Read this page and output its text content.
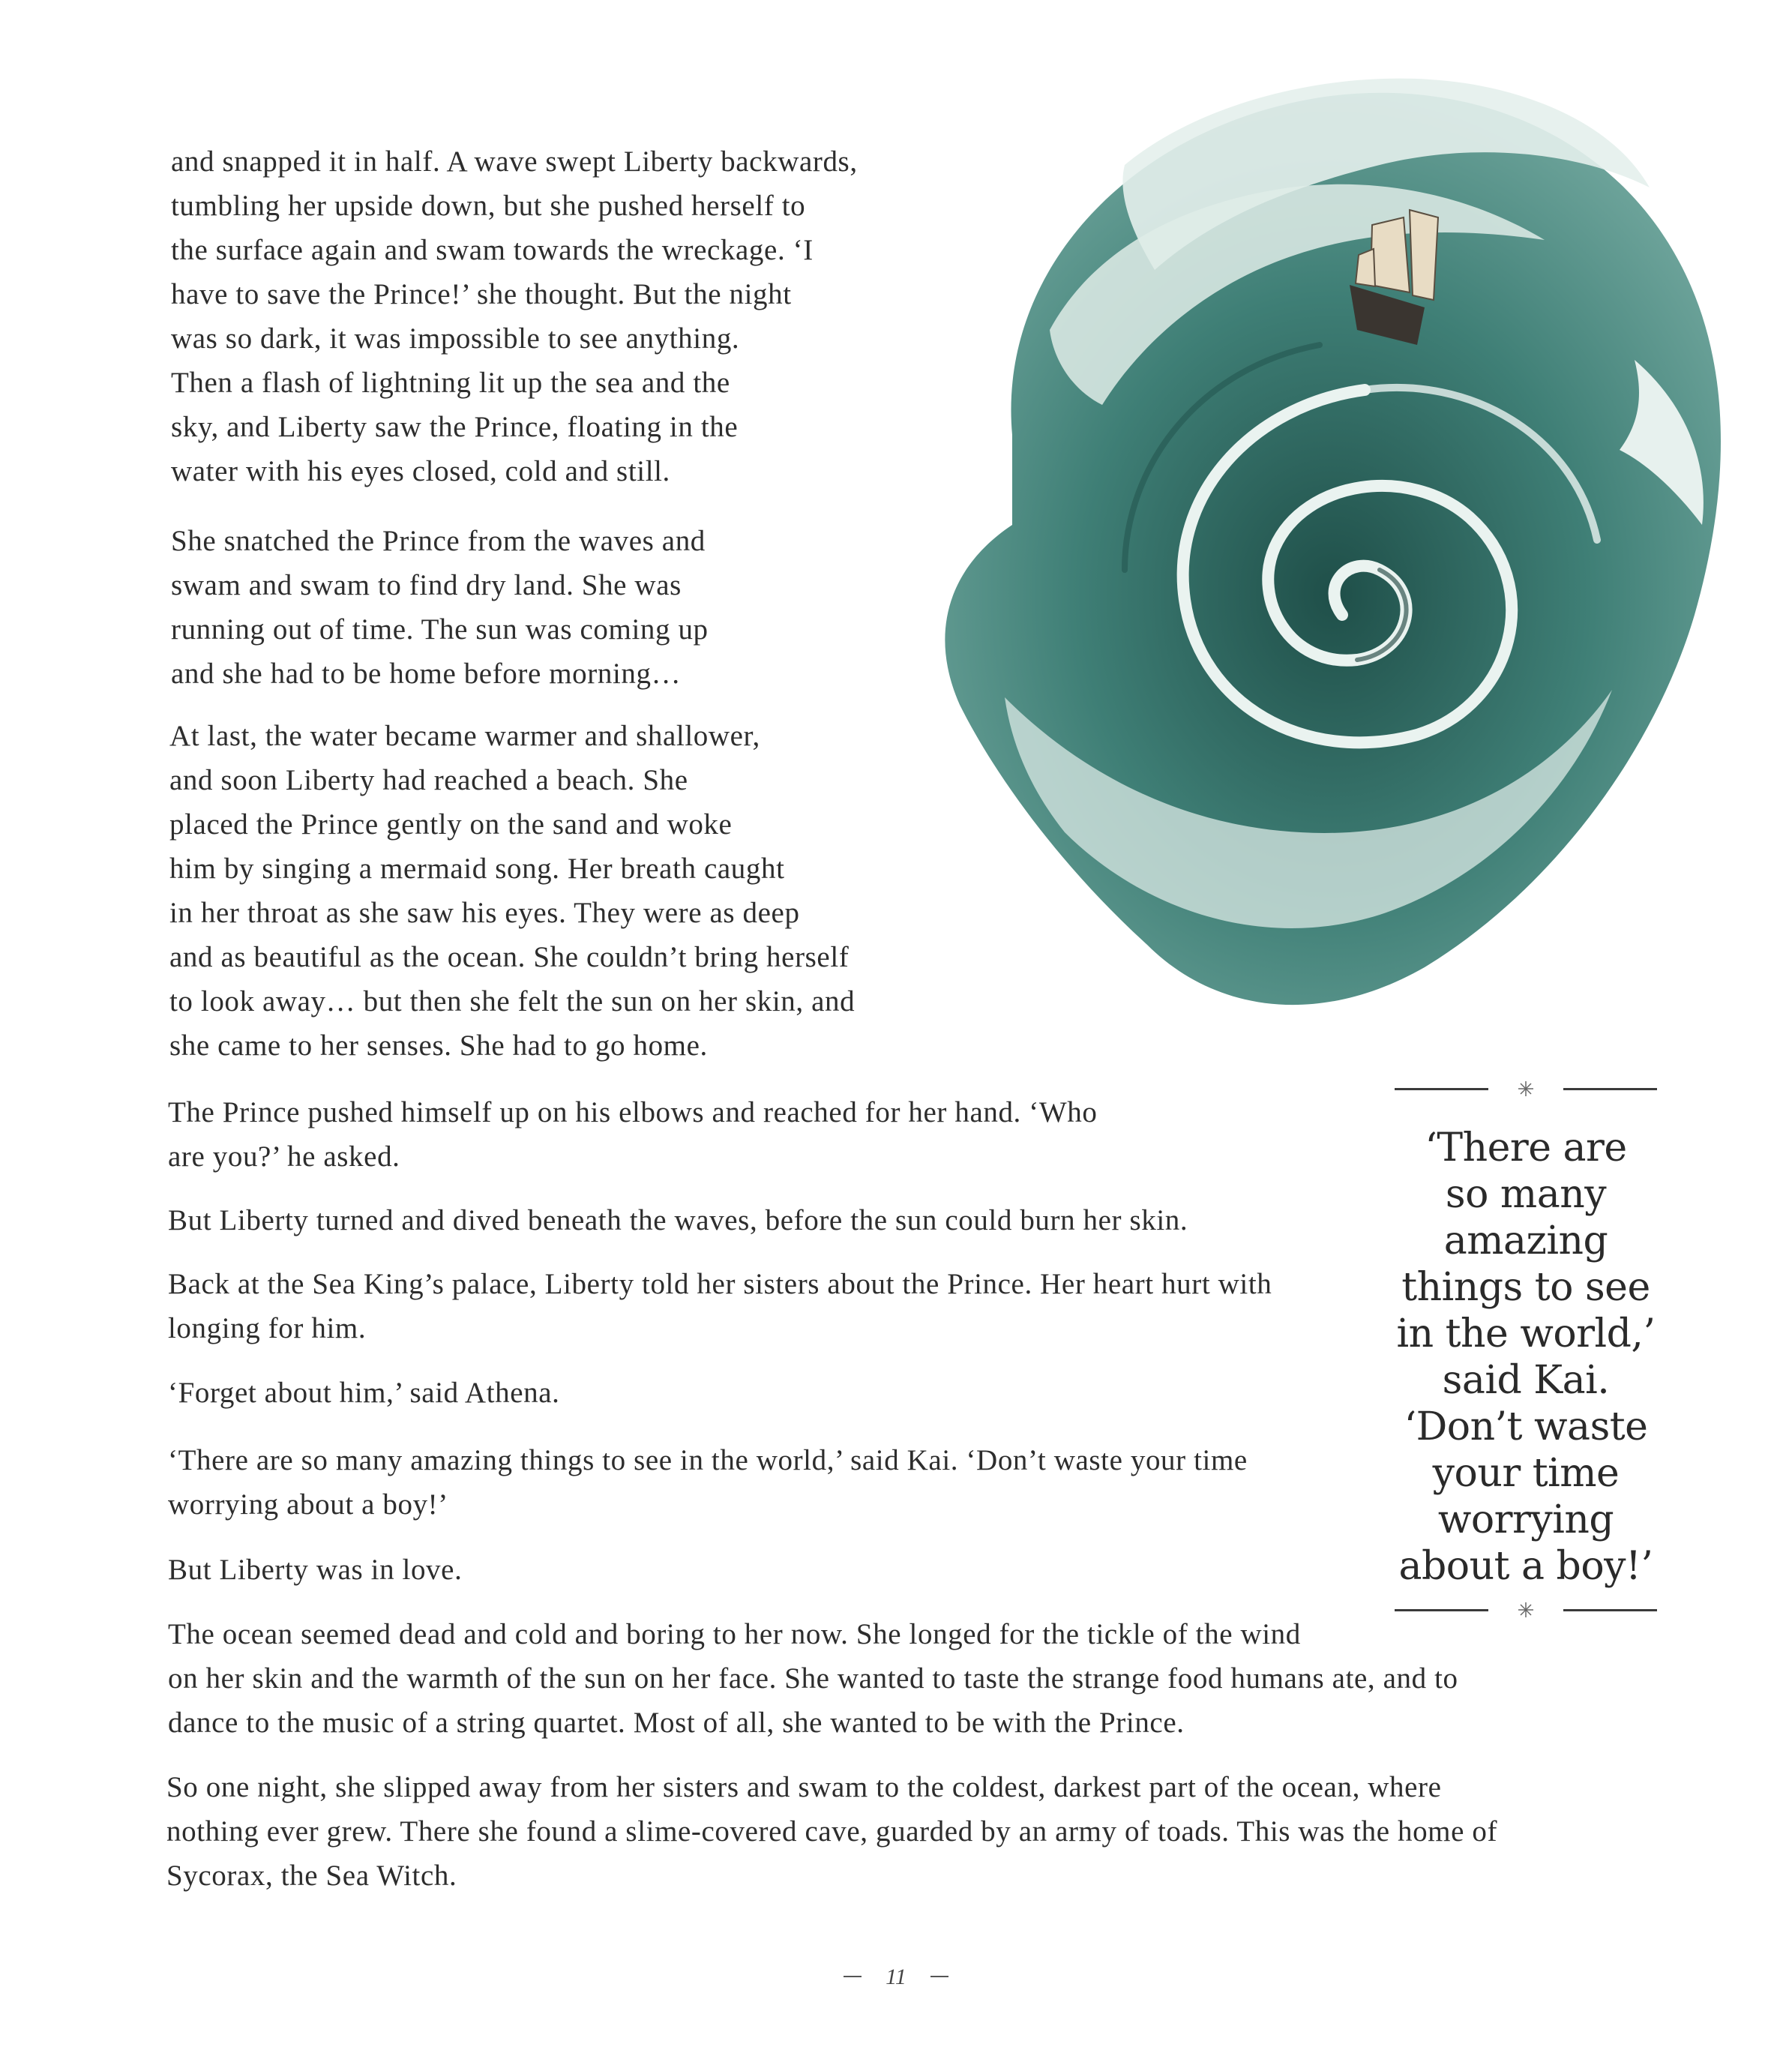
and snapped it in half. A wave swept Liberty backwards,
tumbling her upside down, but she pushed herself to
the surface again and swam towards the wreckage. ‘I
have to save the Prince!’ she thought. But the night
was so dark, it was impossible to see anything.
Then a flash of lightning lit up the sea and the
sky, and Liberty saw the Prince, floating in the
water with his eyes closed, cold and still.
She snatched the Prince from the waves and
swam and swam to find dry land. She was
running out of time. The sun was coming up
and she had to be home before morning…
At last, the water became warmer and shallower,
and soon Liberty had reached a beach. She
placed the Prince gently on the sand and woke
him by singing a mermaid song. Her breath caught
in her throat as she saw his eyes. They were as deep
and as beautiful as the ocean. She couldn’t bring herself
to look away… but then she felt the sun on her skin, and
she came to her senses. She had to go home.
The Prince pushed himself up on his elbows and reached for her hand. ‘Who
are you?’ he asked.
But Liberty turned and dived beneath the waves, before the sun could burn her skin.
Back at the Sea King’s palace, Liberty told her sisters about the Prince. Her heart hurt with
longing for him.
‘Forget about him,’ said Athena.
‘There are so many amazing things to see in the world,’ said Kai. ‘Don’t waste your time
worrying about a boy!’
But Liberty was in love.
The ocean seemed dead and cold and boring to her now. She longed for the tickle of the wind
on her skin and the warmth of the sun on her face. She wanted to taste the strange food humans ate, and to
dance to the music of a string quartet. Most of all, she wanted to be with the Prince.
So one night, she slipped away from her sisters and swam to the coldest, darkest part of the ocean, where
nothing ever grew. There she found a slime-covered cave, guarded by an army of toads. This was the home of
Sycorax, the Sea Witch.

‘There are
so many
amazing
things to see
in the world,’
said Kai.
‘Don’t waste
your time
worrying
about a boy!’

11
